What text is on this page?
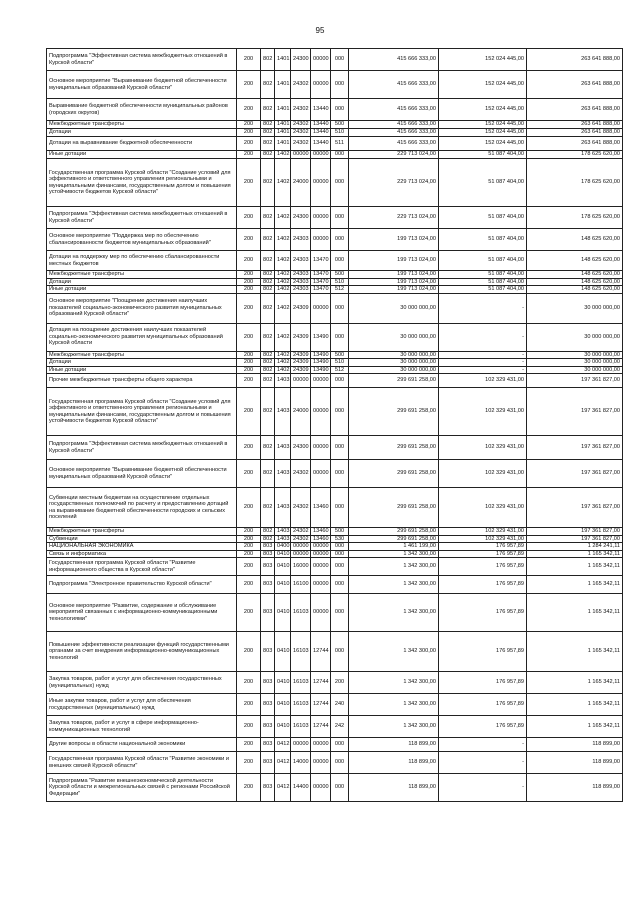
95
Подпрограмма "Эффективная система межбюджетных отношений в Курской области"	200	802	1401	24300	00000	000	415 666 333,00	152 024 445,00	263 641 888,00
Основное мероприятие "Выравнивание бюджетной обеспеченности муниципальных образований Курской области"	200	802	1401	24302	00000	000	415 666 333,00	152 024 445,00	263 641 888,00
Выравнивание бюджетной обеспеченности муниципальных районов (городских округов)	200	802	1401	24302	13440	000	415 666 333,00	152 024 445,00	263 641 888,00
Межбюджетные трансферты	200	802	1401	24302	13440	500	415 666 333,00	152 024 445,00	263 641 888,00
Дотации	200	802	1401	24302	13440	510	415 666 333,00	152 024 445,00	263 641 888,00
Дотации на выравнивание бюджетной обеспеченности	200	802	1401	24302	13440	511	415 666 333,00	152 024 445,00	263 641 888,00
Иные дотации	200	802	1402	00000	00000	000	229 713 024,00	51 087 404,00	178 625 620,00
Государственная программа Курской области "Создание условий для эффективного и ответственного управления региональными и муниципальными финансами, государственным долгом и повышения устойчивости бюджетов Курской области"	200	802	1402	24000	00000	000	229 713 024,00	51 087 404,00	178 625 620,00
Подпрограмма "Эффективная система межбюджетных отношений в Курской области"	200	802	1402	24300	00000	000	229 713 024,00	51 087 404,00	178 625 620,00
Основное мероприятие "Поддержка мер по обеспечению сбалансированности бюджетов муниципальных образований"	200	802	1402	24303	00000	000	199 713 024,00	51 087 404,00	148 625 620,00
Дотации на поддержку мер по обеспечению сбалансированности местных бюджетов	200	802	1402	24303	13470	000	199 713 024,00	51 087 404,00	148 625 620,00
Межбюджетные трансферты	200	802	1402	24303	13470	500	199 713 024,00	51 087 404,00	148 625 620,00
Дотации	200	802	1402	24303	13470	510	199 713 024,00	51 087 404,00	148 625 620,00
Иные дотации	200	802	1402	24303	13470	512	199 713 024,00	51 087 404,00	148 625 620,00
Основное мероприятие "Поощрение достижения наилучших показателей социально-экономического развития муниципальных образований Курской области"	200	802	1402	24309	00000	000	30 000 000,00	-	30 000 000,00
Дотация на поощрение достижения наилучших показателей социально-экономического развития муниципальных образований Курской области	200	802	1402	24309	13490	000	30 000 000,00	-	30 000 000,00
Межбюджетные трансферты	200	802	1402	24309	13490	500	30 000 000,00	-	30 000 000,00
Дотации	200	802	1402	24309	13490	510	30 000 000,00	-	30 000 000,00
Иные дотации	200	802	1402	24309	13490	512	30 000 000,00	-	30 000 000,00
Прочие межбюджетные трансферты общего характера	200	802	1403	00000	00000	000	299 691 258,00	102 329 431,00	197 361 827,00
Государственная программа Курской области "Создание условий для эффективного и ответственного управления региональными и муниципальными финансами, государственным долгом и повышения устойчивости бюджетов Курской области"	200	802	1403	24000	00000	000	299 691 258,00	102 329 431,00	197 361 827,00
Подпрограмма "Эффективная система межбюджетных отношений в Курской области"	200	802	1403	24300	00000	000	299 691 258,00	102 329 431,00	197 361 827,00
Основное мероприятие "Выравнивание бюджетной обеспеченности муниципальных образований Курской области"	200	802	1403	24302	00000	000	299 691 258,00	102 329 431,00	197 361 827,00
Субвенции местным бюджетам на осуществление отдельных государственных полномочий по расчету и предоставлению дотаций на выравнивание бюджетной обеспеченности городских и сельских поселений	200	802	1403	24302	13460	000	299 691 258,00	102 329 431,00	197 361 827,00
Межбюджетные трансферты	200	802	1403	24302	13460	500	299 691 258,00	102 329 431,00	197 361 827,00
Субвенции	200	802	1403	24302	13460	530	299 691 258,00	102 329 431,00	197 361 827,00
НАЦИОНАЛЬНАЯ ЭКОНОМИКА	200	803	0400	00000	00000	000	1 461 199,00	176 957,89	1 284 241,11
Связь и информатика	200	803	0410	00000	00000	000	1 342 300,00	176 957,89	1 165 342,11
Государственная программа Курской области "Развитие информационного общества в Курской области"	200	803	0410	16000	00000	000	1 342 300,00	176 957,89	1 165 342,11
Подпрограмма "Электронное правительство Курской области"	200	803	0410	16100	00000	000	1 342 300,00	176 957,89	1 165 342,11
Основное мероприятие "Развитие, содержание и обслуживание мероприятий связанных с информационно-коммуникационными технологиями"	200	803	0410	16103	00000	000	1 342 300,00	176 957,89	1 165 342,11
Повышение эффективности реализации функций государственными органами за счет внедрения информационно-коммуникационных технологий	200	803	0410	16103	12744	000	1 342 300,00	176 957,89	1 165 342,11
Закупка товаров, работ и услуг для обеспечения государственных (муниципальных) нужд	200	803	0410	16103	12744	200	1 342 300,00	176 957,89	1 165 342,11
Иные закупки товаров, работ и услуг для обеспечения государственных (муниципальных) нужд	200	803	0410	16103	12744	240	1 342 300,00	176 957,89	1 165 342,11
Закупка товаров, работ и услуг в сфере информационно-коммуникационных технологий	200	803	0410	16103	12744	242	1 342 300,00	176 957,89	1 165 342,11
Другие вопросы в области национальной экономики	200	803	0412	00000	00000	000	118 899,00	-	118 899,00
Государственная программа Курской области "Развитие экономики и внешних связей Курской области"	200	803	0412	14000	00000	000	118 899,00	-	118 899,00
Подпрограмма "Развитие внешнеэкономической деятельности Курской области и межрегиональных связей с регионами Российской Федерации"	200	803	0412	14400	00000	000	118 899,00	-	118 899,00
